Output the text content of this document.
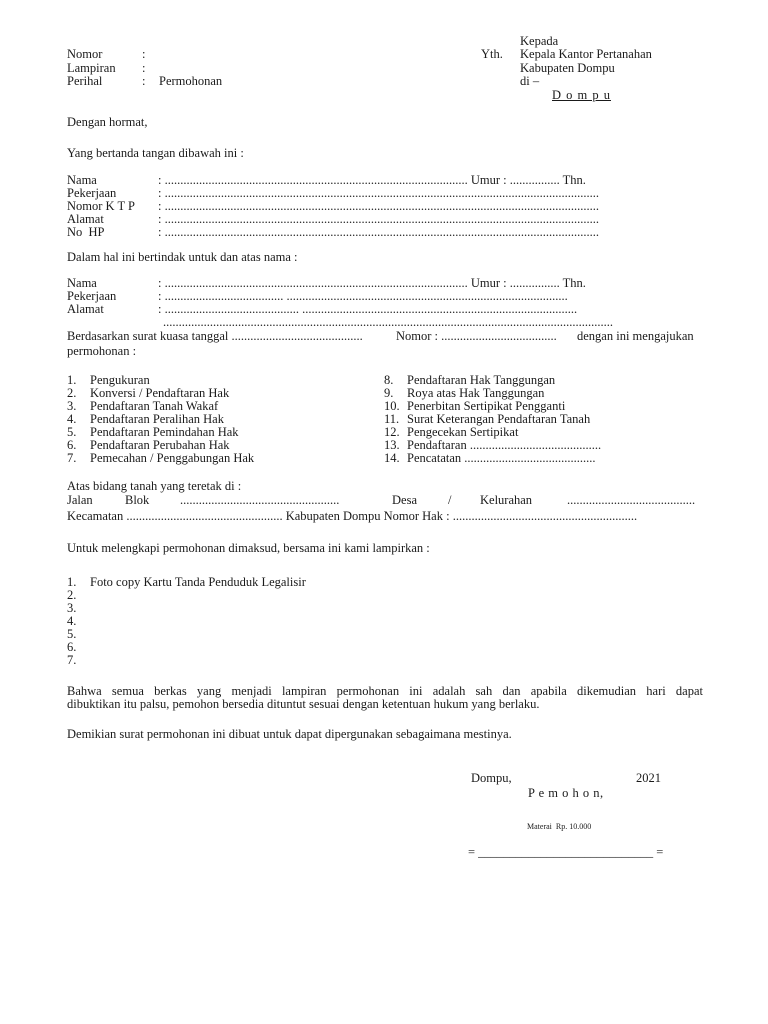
Nomor	:
Lampiran :
Perihal	: Permohonan
Kepada
Yth. Kepala Kantor Pertanahan
Kabupaten Dompu
di –
D o m p u
Dengan hormat,
Yang bertanda tangan dibawah ini :
Nama	: ................................................................................................. Umur : ................ Thn.
Pekerjaan	: ...........................................................................................................................................
Nomor K T P : ...........................................................................................................................................
Alamat	: ...........................................................................................................................................
No  HP	: ...........................................................................................................................................
Dalam hal ini bertindak untuk dan atas nama :
Nama	: ................................................................................................. Umur : ................ Thn.
Pekerjaan	: ...................................... ..........................................................................................
Alamat	: ........................................... ........................................................................................
................................................................................................................................................
Berdasarkan surat kuasa tanggal ..........................................	Nomor : ..................................... dengan ini mengajukan
permohonan :
1. Pengukuran
2. Konversi / Pendaftaran Hak
3. Pendaftaran Tanah Wakaf
4. Pendaftaran Peralihan Hak
5. Pendaftaran Pemindahan Hak
6. Pendaftaran Perubahan Hak
7. Pemecahan / Penggabungan Hak
8. Pendaftaran Hak Tanggungan
9. Roya atas Hak Tanggungan
10. Penerbitan Sertipikat Pengganti
11. Surat Keterangan Pendaftaran Tanah
12. Pengecekan Sertipikat
13. Pendaftaran ..........................................
14. Pencatatan ..........................................
Atas bidang tanah yang teretak di :
Jalan	Blok ...................................................	Desa / Kelurahan	.........................................
Kecamatan .................................................. Kabupaten Dompu Nomor Hak : ...........................................................
Untuk melengkapi permohonan dimaksud, bersama ini kami lampirkan :
1. Foto copy Kartu Tanda Penduduk Legalisir
2.
3.
4.
5.
6.
7.
Bahwa semua berkas yang menjadi lampiran permohonan ini adalah sah dan apabila dikemudian hari dapat
dibuktikan itu palsu, pemohon bersedia dituntut sesuai dengan ketentuan hukum yang berlaku.
Demikian surat permohonan ini dibuat untuk dapat dipergunakan sebagaimana mestinya.
Dompu,	2021
P e m o h o n,
Materai  Rp. 10.000
= ____________________________ =
